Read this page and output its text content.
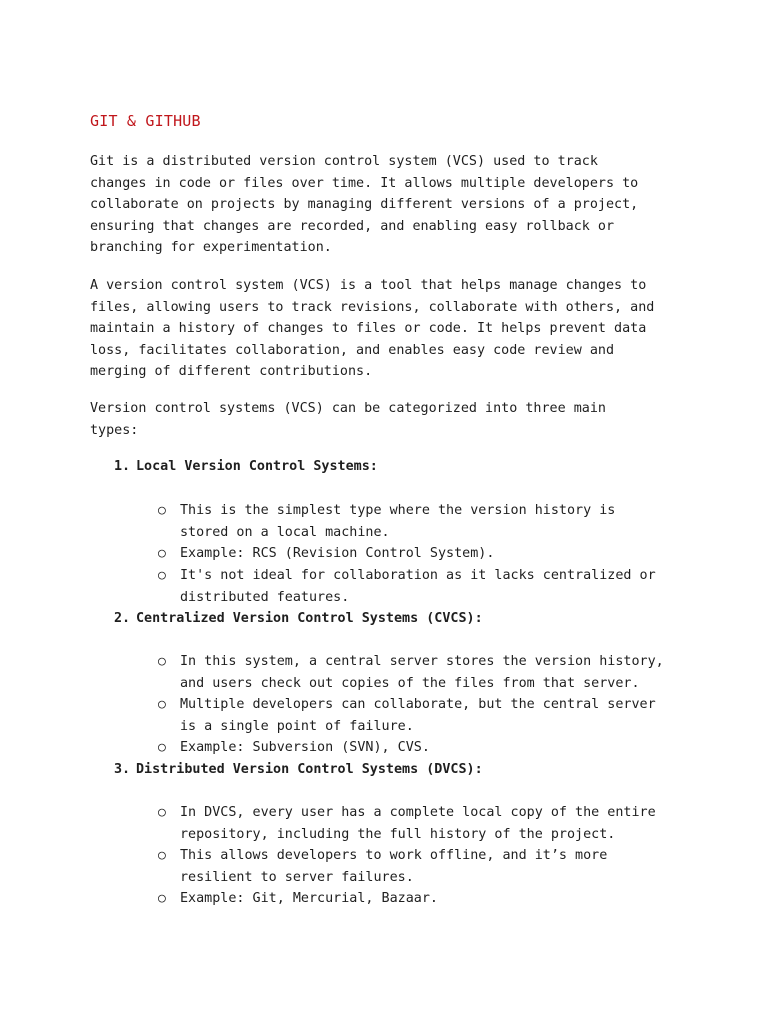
GIT & GITHUB

Git is a distributed version control system (VCS) used to track
changes in code or files over time. It allows multiple developers to
collaborate on projects by managing different versions of a project,
ensuring that changes are recorded, and enabling easy rollback or
branching for experimentation.

A version control system (VCS) is a tool that helps manage changes to
files, allowing users to track revisions, collaborate with others, and
maintain a history of changes to files or code. It helps prevent data
loss, facilitates collaboration, and enables easy code review and
merging of different contributions.

Version control systems (VCS) can be categorized into three main
types:

1. Local Version Control Systems:

○ This is the simplest type where the version history is
stored on a local machine.
○ Example: RCS (Revision Control System).
○ It's not ideal for collaboration as it lacks centralized or
distributed features.

2. Centralized Version Control Systems (CVCS):

○ In this system, a central server stores the version history,
and users check out copies of the files from that server.
○ Multiple developers can collaborate, but the central server
is a single point of failure.
○ Example: Subversion (SVN), CVS.

3. Distributed Version Control Systems (DVCS):

○ In DVCS, every user has a complete local copy of the entire
repository, including the full history of the project.
○ This allows developers to work offline, and it’s more
resilient to server failures.
○ Example: Git, Mercurial, Bazaar.
